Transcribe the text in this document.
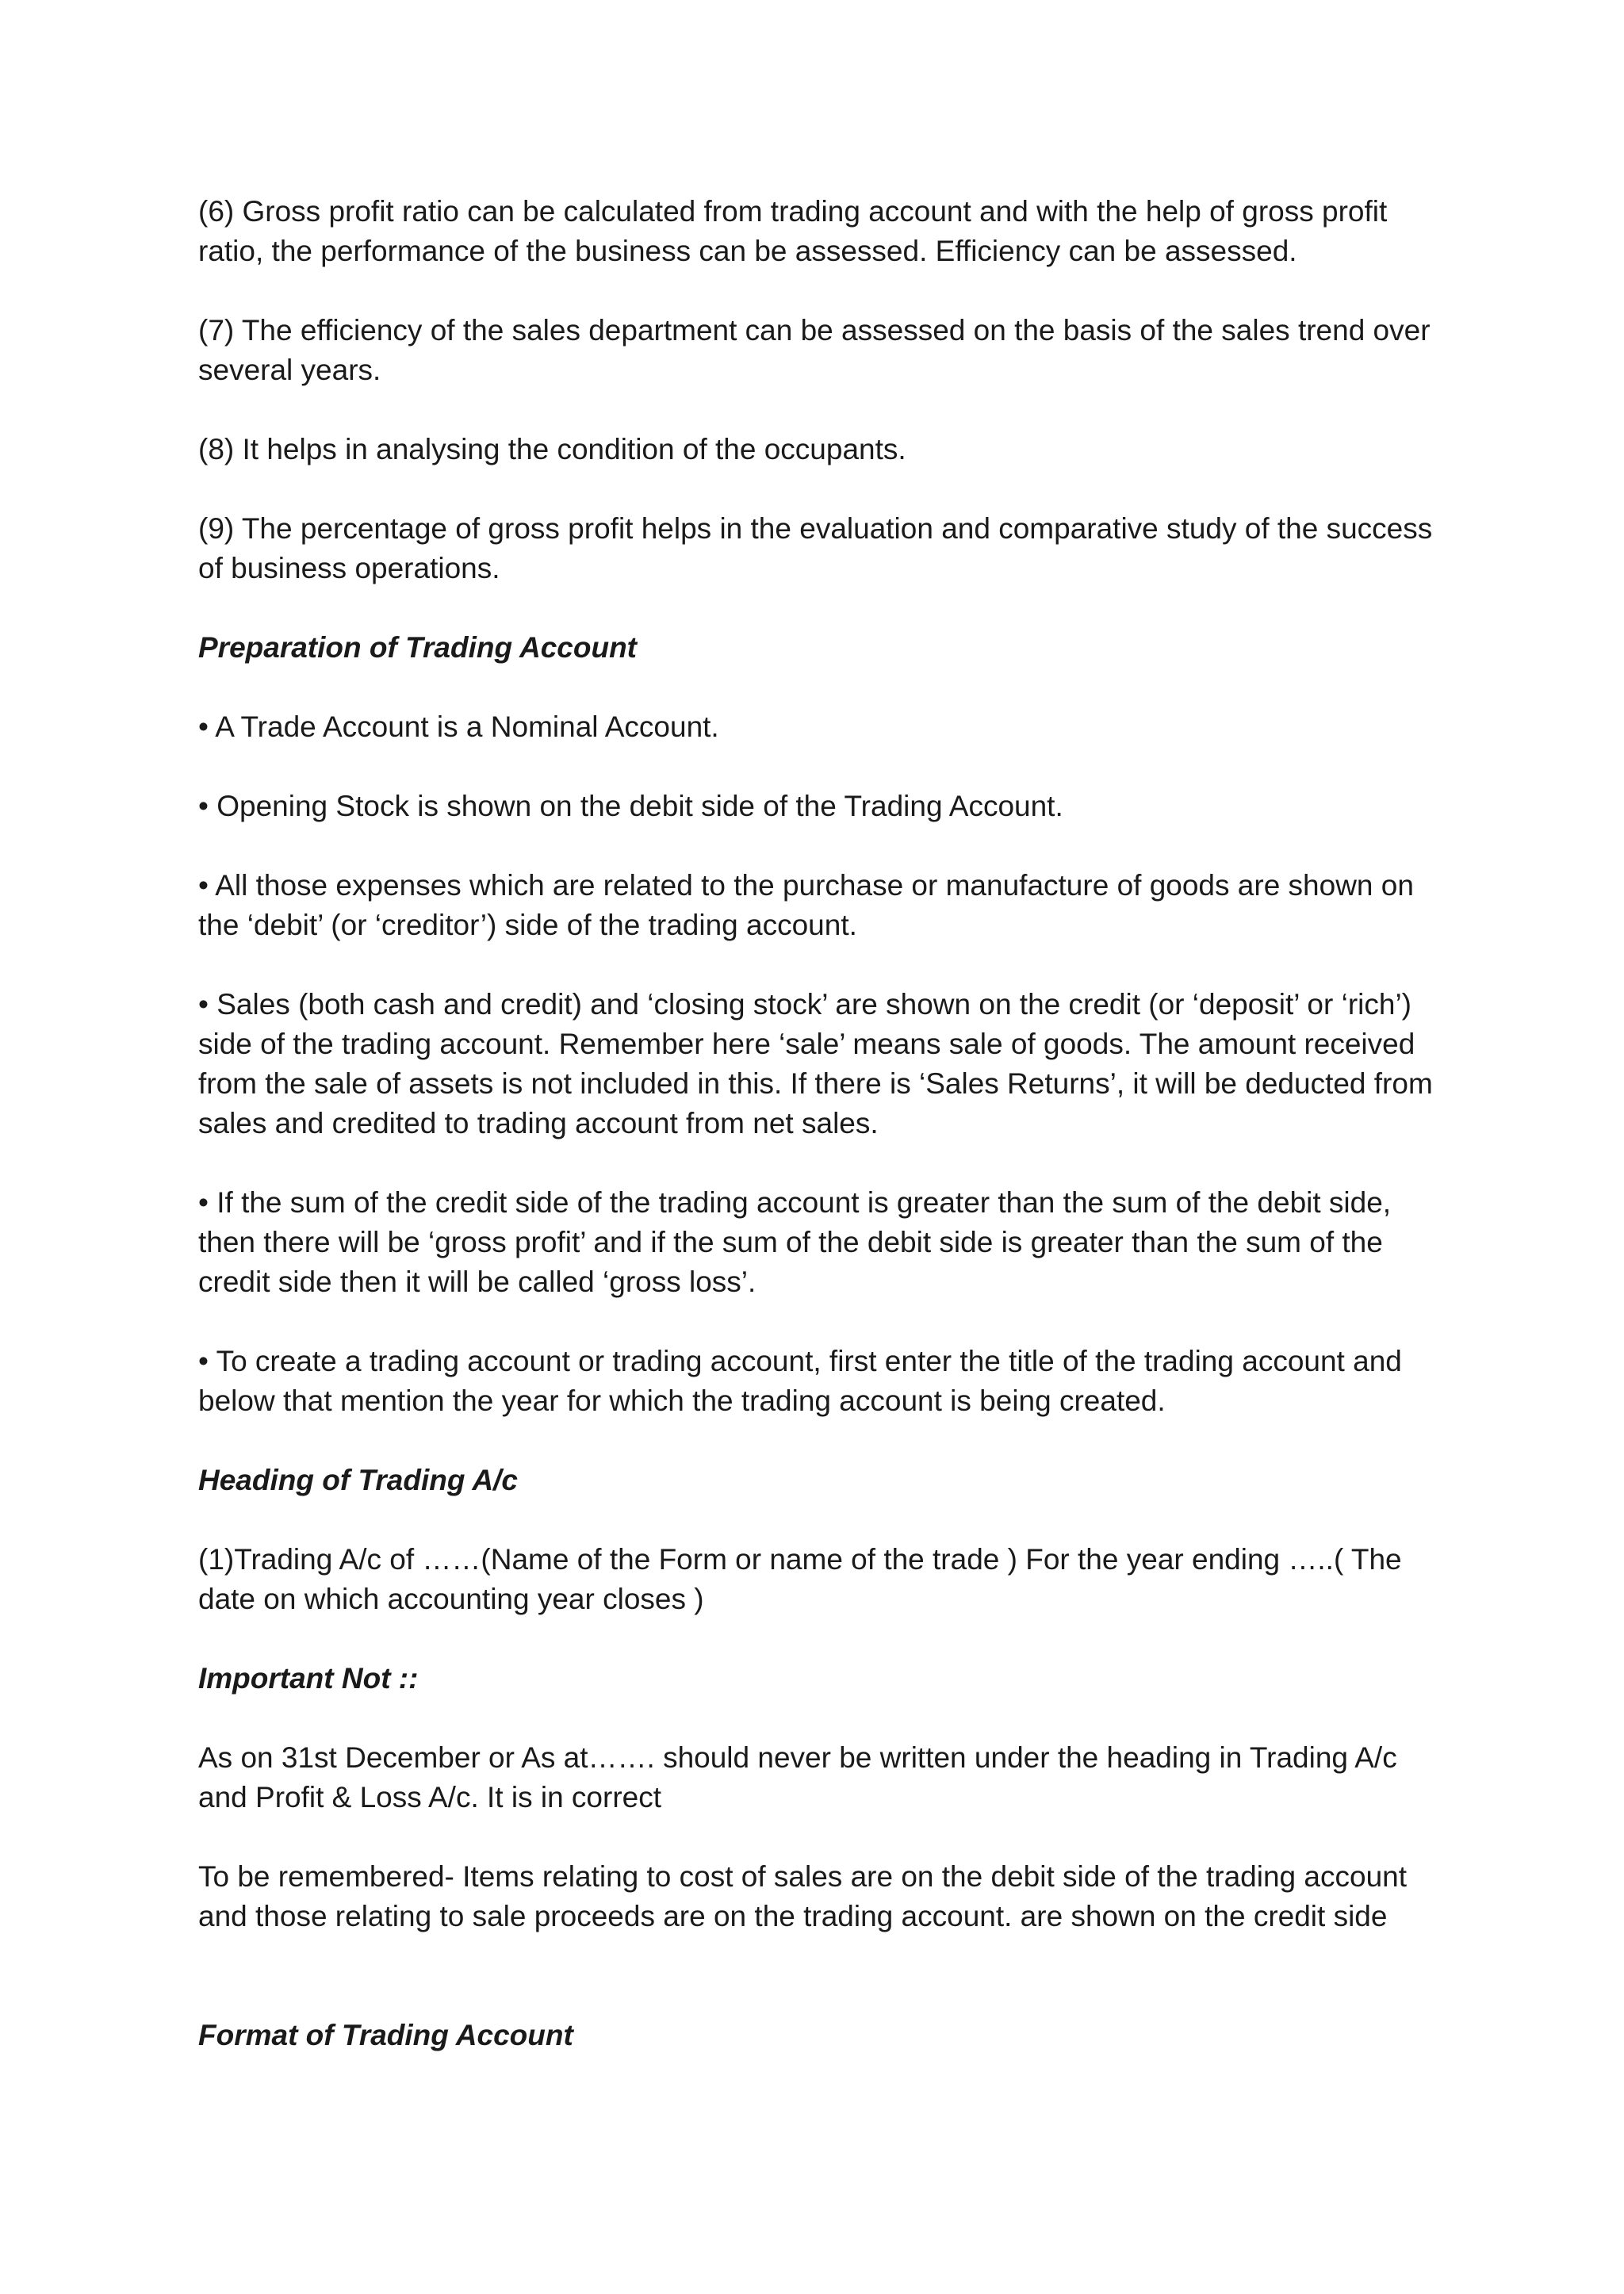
(6) Gross profit ratio can be calculated from trading account and with the help of gross profit ratio, the performance of the business can be assessed. Efficiency can be assessed.

(7) The efficiency of the sales department can be assessed on the basis of the sales trend over several years.

(8) It helps in analysing the condition of the occupants.

(9) The percentage of gross profit helps in the evaluation and comparative study of the success of business operations.

Preparation of Trading Account

• A Trade Account is a Nominal Account.

• Opening Stock is shown on the debit side of the Trading Account.

• All those expenses which are related to the purchase or manufacture of goods are shown on the ‘debit’ (or ‘creditor’) side of the trading account.

• Sales (both cash and credit) and ‘closing stock’ are shown on the credit (or ‘deposit’ or ‘rich’) side of the trading account. Remember here ‘sale’ means sale of goods. The amount received from the sale of assets is not included in this. If there is ‘Sales Returns’, it will be deducted from sales and credited to trading account from net sales.

• If the sum of the credit side of the trading account is greater than the sum of the debit side, then there will be ‘gross profit’ and if the sum of the debit side is greater than the sum of the credit side then it will be called ‘gross loss’.

• To create a trading account or trading account, first enter the title of the trading account and below that mention the year for which the trading account is being created.

Heading of Trading A/c

(1)Trading A/c of ……(Name of the Form or name of the trade ) For the year ending …..( The date on which accounting year closes )

Important Not ::

As on 31st December or As at……. should never be written under the heading in Trading A/c and Profit & Loss A/c. It is in correct

To be remembered- Items relating to cost of sales are on the debit side of the trading account and those relating to sale proceeds are on the trading account. are shown on the credit side

Format of Trading Account
